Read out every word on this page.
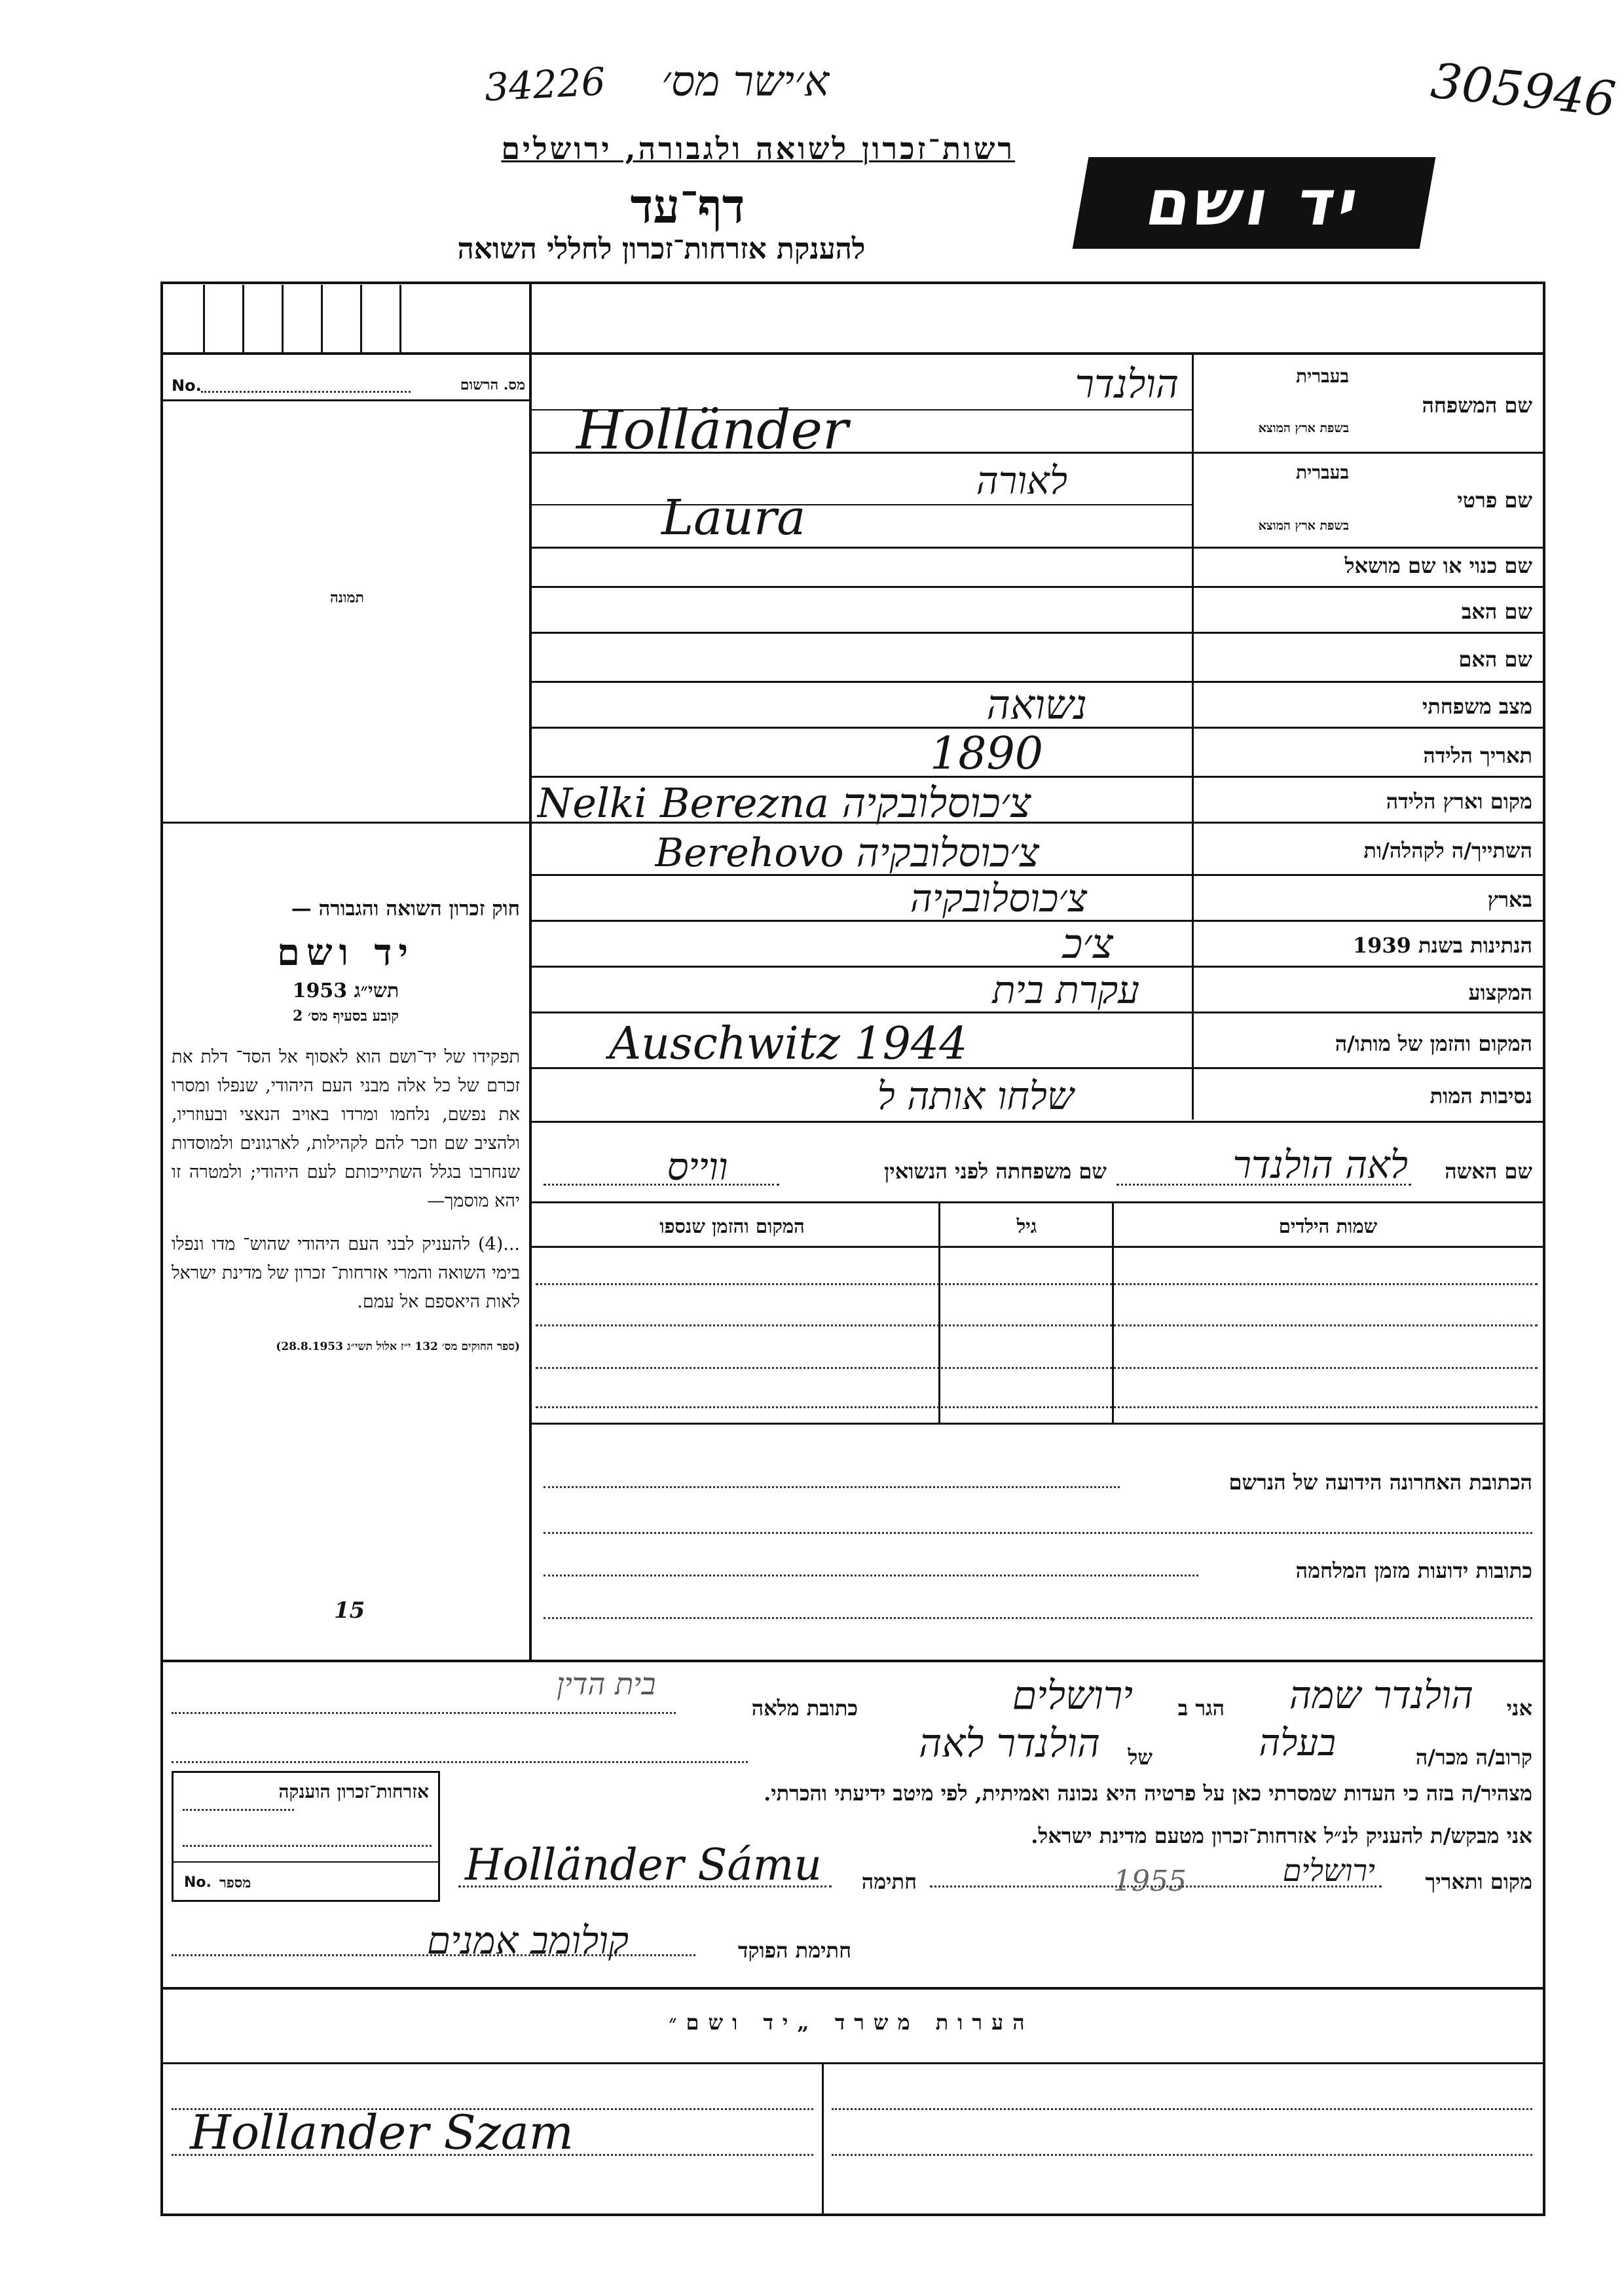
34226 א׳ישר מס׳	305946
רשות־זכרון לשואה ולגבורה, ירושלים
דף־עד
להענקת אזרחות־זכרון לחללי השואה
יד ושם
No.	מס. הרשום
תמונה
חוק זכרון השואה והגבורה —
יד ושם
תשי״ג 1953
קובע בסעיף מס׳ 2
תפקידו של יד־ושם הוא לאסוף אל הסד־ דלת את זכרם של כל אלה מבני העם היהודי, שנפלו ומסרו את נפשם, נלחמו ומרדו באויב הנאצי ובעוזריו, ולהציב שם וזכר להם לקהילות, לארגונים ולמוסדות שנחרבו בגלל השתייכותם לעם היהודי; ולמטרה זו יהא מוסמך—
...(4) להעניק לבני העם היהודי שהוש־ מדו ונפלו בימי השואה והמרי אזרחות־ זכרון של מדינת ישראל לאות היאספם אל עמם.
(ספר החוקים מס׳ 132 י״ז אלול תשי״ג 28.8.1953)
15
שם המשפחה
בעברית
בשפת ארץ המוצא
הולנדר
Holländer
שם פרטי
בעברית
בשפת ארץ המוצא
לאורה
Laura
שם כנוי או שם מושאל
שם האב
שם האם
מצב משפחתי
נשואה
תאריך הלידה
1890
מקום וארץ הלידה
Nelki Berezna צ׳כוסלובקיה
השתייך/ה לקהלה/ות
Berehovo צ׳כוסלובקיה
בארץ
צ׳כוסלובקיה
הנתינות בשנת 1939
צ׳כ
המקצוע
עקרת בית
המקום והזמן של מותו/ה
Auschwitz 1944
נסיבות המות
שלחו אותה ל
שם האשה
לאה הולנדר
שם משפחתה לפני הנשואין
ווייס
שמות הילדים
גיל
המקום והזמן שנספו
הכתובת האחרונה הידועה של הנרשם
כתובות ידועות מזמן המלחמה
בית הדין
אני
הולנדר שמה
הגר ב
ירושלים
כתובת מלאה
קרוב/ה מכר/ה
בעלה
של
הולנדר לאה
מצהיר/ה בזה כי העדות שמסרתי כאן על פרטיה היא נכונה ואמיתית, לפי מיטב ידיעתי והכרתי.
אני מבקש/ת להעניק לנ״ל אזרחות־זכרון מטעם מדינת ישראל.
מקום ותאריך
ירושלים
1955
חתימה
Holländer Sámu
חתימת הפוקד
קולומב אמנים
אזרחות־זכרון הוענקה
No. מספר
הערות משרד „יד ושם״
Hollander Szam
